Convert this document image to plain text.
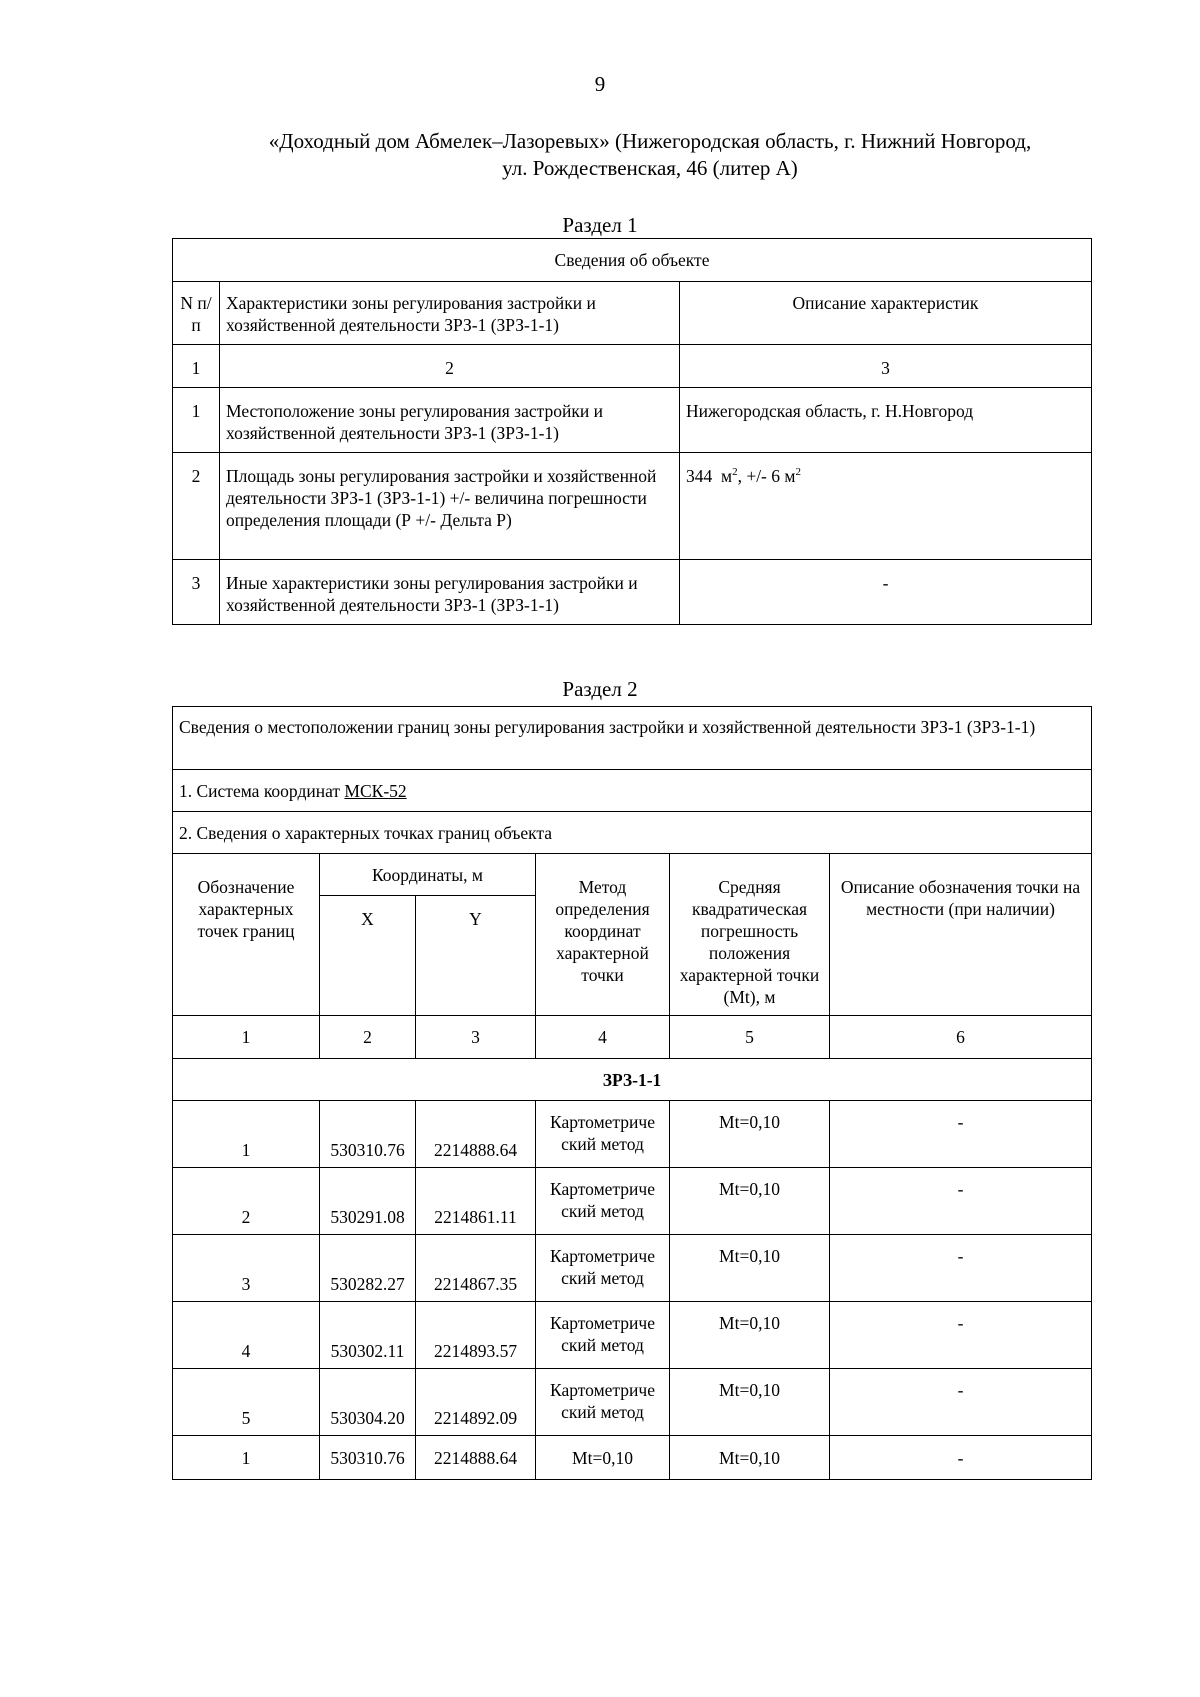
9
«Доходный дом Абмелек–Лазоревых» (Нижегородская область, г. Нижний Новгород,
ул. Рождественская, 46 (литер А)
Раздел 1
Сведения об объекте		
N п/п	Характеристики зоны регулирования застройки и хозяйственной деятельности ЗРЗ-1 (ЗРЗ-1-1)	Описание характеристик
1	2	3
1	Местоположение зоны регулирования застройки и хозяйственной деятельности ЗРЗ-1 (ЗРЗ-1-1)	Нижегородская область, г. Н.Новгород
2	Площадь зоны регулирования застройки и хозяйственной деятельности ЗРЗ-1 (ЗРЗ-1-1) +/- величина погрешности определения площади (Р +/- Дельта Р)	344 $м^2$, +/- 6 $м^2$
3	Иные характеристики зоны регулирования застройки и хозяйственной деятельности ЗРЗ-1 (ЗРЗ-1-1)	-
Раздел 2
Сведения о местоположении границ зоны регулирования застройки и хозяйственной деятельности ЗРЗ-1 (ЗРЗ-1-1)					
1. Система координат МСК-52					
2. Сведения о характерных точках границ объекта					
Обозначение характерных точек границ	Координаты, м		Метод определения координат характерной точки	Средняя квадратическая погрешность положения характерной точки (Mt), м	Описание обозначения точки на местности (при наличии)
	X	Y			
1	2	3	4	5	6
ЗРЗ-1-1					
1	530310.76	2214888.64	Картометриче ский метод	Mt=0,10	-
2	530291.08	2214861.11	Картометриче ский метод	Mt=0,10	-
3	530282.27	2214867.35	Картометриче ский метод	Mt=0,10	-
4	530302.11	2214893.57	Картометриче ский метод	Mt=0,10	-
5	530304.20	2214892.09	Картометриче ский метод	Mt=0,10	-
1	530310.76	2214888.64	Mt=0,10	Mt=0,10	-
